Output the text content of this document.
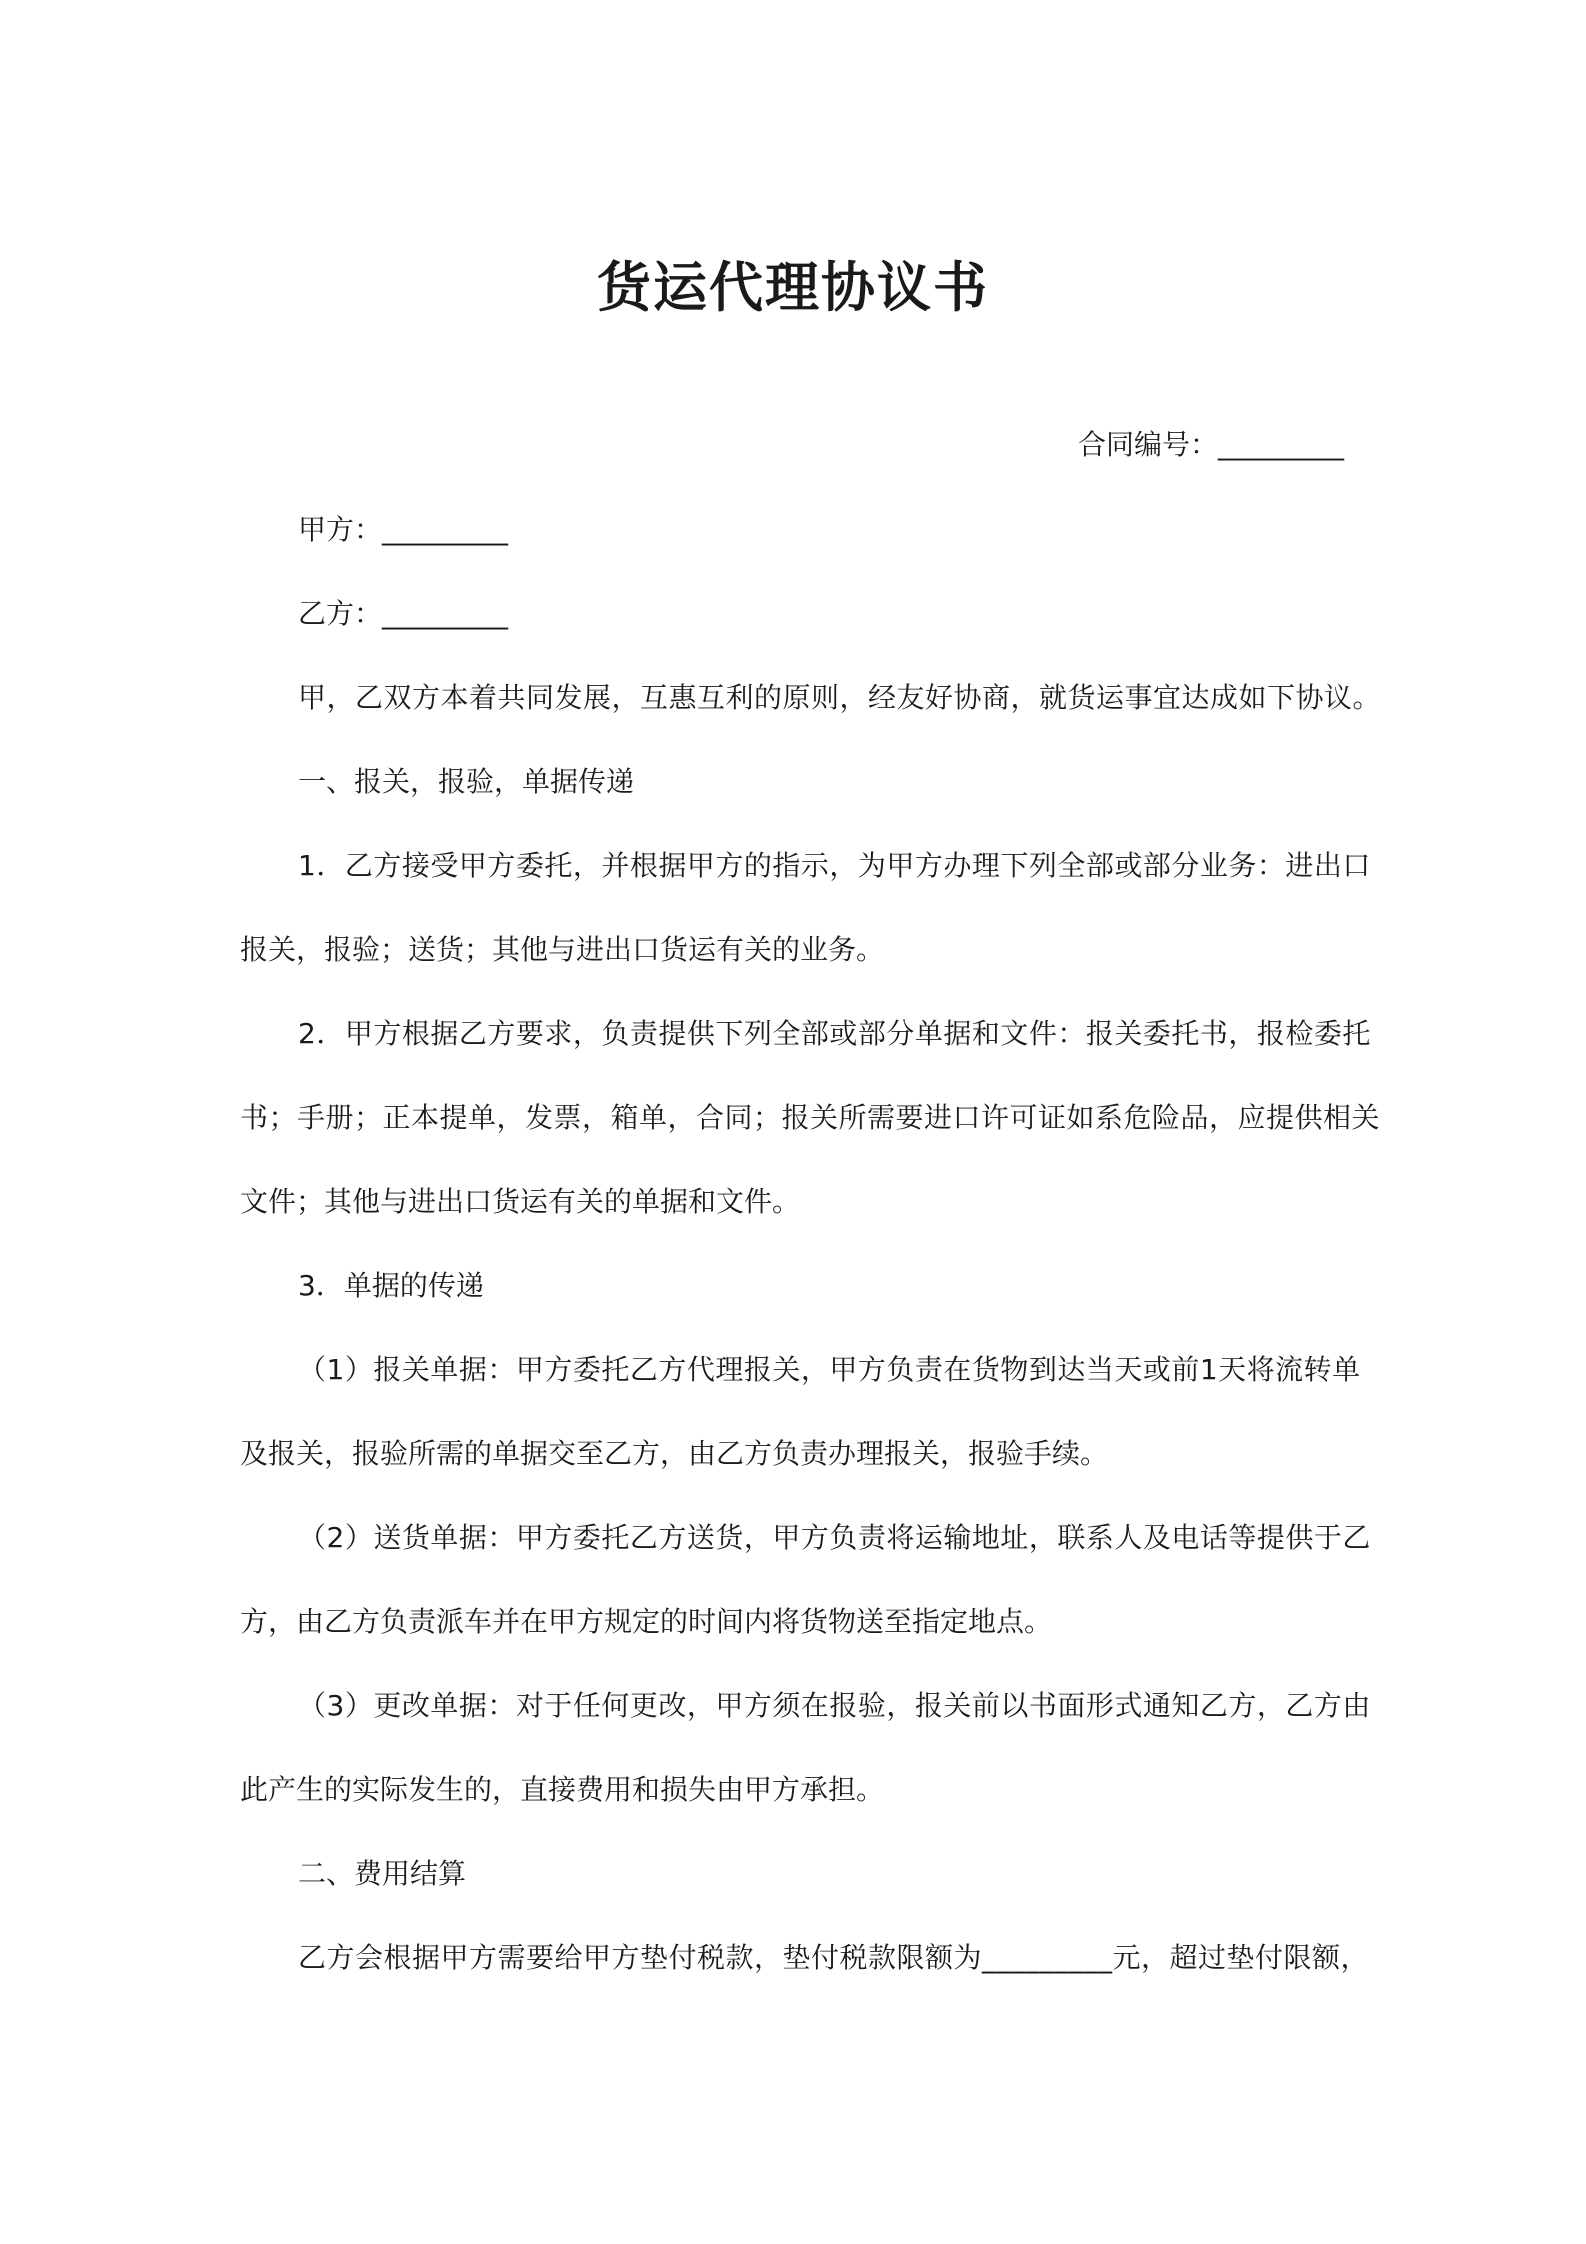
货运代理协议书
合同编号：_________
甲方：_________
乙方：_________
甲，乙双方本着共同发展，互惠互利的原则，经友好协商，就货运事宜达成如下协议。
一、报关，报验，单据传递
1．乙方接受甲方委托，并根据甲方的指示，为甲方办理下列全部或部分业务：进出口
报关，报验；送货；其他与进出口货运有关的业务。
2．甲方根据乙方要求，负责提供下列全部或部分单据和文件：报关委托书，报检委托
书；手册；正本提单，发票，箱单，合同；报关所需要进口许可证如系危险品，应提供相关
文件；其他与进出口货运有关的单据和文件。
3．单据的传递
（1）报关单据：甲方委托乙方代理报关，甲方负责在货物到达当天或前1天将流转单
及报关，报验所需的单据交至乙方，由乙方负责办理报关，报验手续。
（2）送货单据：甲方委托乙方送货，甲方负责将运输地址，联系人及电话等提供于乙
方，由乙方负责派车并在甲方规定的时间内将货物送至指定地点。
（3）更改单据：对于任何更改，甲方须在报验，报关前以书面形式通知乙方，乙方由
此产生的实际发生的，直接费用和损失由甲方承担。
二、费用结算
乙方会根据甲方需要给甲方垫付税款，垫付税款限额为_________元，超过垫付限额，
